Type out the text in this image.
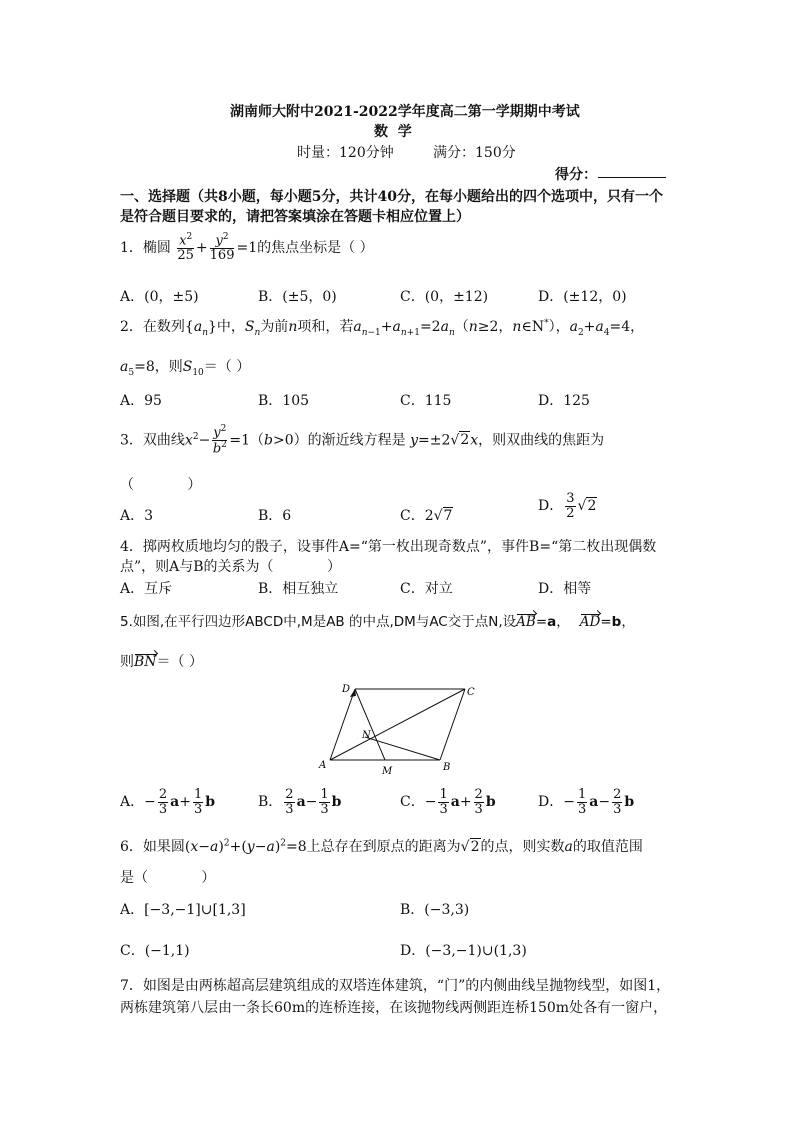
湖南师大附中2021-2022学年度高二第一学期期中考试
数  学
时量：120分钟	满分：150分
得分：
一、选择题（共8小题，每小题5分，共计40分，在每小题给出的四个选项中，只有一个
是符合题目要求的，请把答案填涂在答题卡相应位置上）
1．椭圆 $\frac{x^2}{25} + \frac{y^2}{169} =1$的焦点坐标是（ ）
A．(0，±5)	B．(±5，0)	C．(0，±12)	D．(±12，0)
2．在数列$\{a_n\}$中，$S_n$为前n项和，若$a_{n-1}+a_{n+1}=2a_n(n\ge 2$，n∈N*），$a_2+a_4=4$，
$a_5=8$，则$S_{10}=$（ ）
A．95	B．105	C．115	D．125
3．双曲线$x^2- \frac{y^2}{b^2} =1(b>0)$的渐近线方程是 y=±2√2x，则双曲线的焦距为
（            ）
A．3	B．6	C．2√7
D． $\frac{3}{2} √2$
4．掷两枚质地均匀的骰子，设事件A=“第一枚出现奇数点”，事件B=“第二枚出现偶数
点”，则A与B的关系为（            ）
A．互斥	B．相互独立	C．对立	D．相等
5.如图,在平行四边形ABCD中,M是AB 的中点,DM与AC交于点N,设AB=a， AD=b，
则BN＝（ ）
D	C
N
A
M	B
A．− $\frac{2}{3} a+ \frac{1}{3}$ b	B． $\frac{2}{3} a- \frac{1}{3}$ b	C．− $\frac{1}{3} a+ \frac{2}{3}$ b	D．− $\frac{1}{3} a- \frac{2}{3}$ b
6．如果圆$(x-a)^2+(y-a)^2=8$上总存在到原点的距离为√2的点，则实数a的取值范围
是（            ）
A．[−3,−1]∪[1,3]	B．(−3,3)
C．(−1,1)	D．(−3,−1)∪(1,3)
7．如图是由两栋超高层建筑组成的双塔连体建筑，“门”的内侧曲线呈抛物线型，如图1，
两栋建筑第八层由一条长60m的连桥连接，在该抛物线两侧距连桥150m处各有一窗户，
